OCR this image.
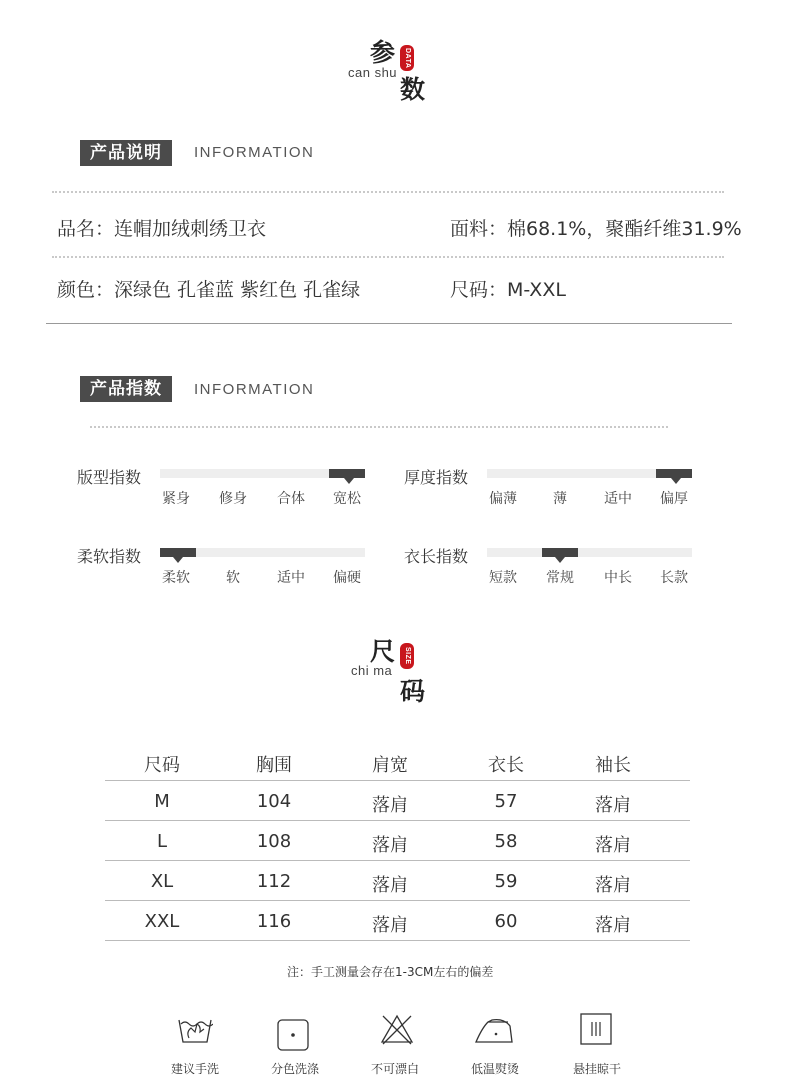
参	DATA
can shu
数
产品说明	INFORMATION
品名：连帽加绒刺绣卫衣	面料：棉68.1%，聚酯纤维31.9%
颜色：深绿色 孔雀蓝 紫红色 孔雀绿	尺码：M-XXL
产品指数	INFORMATION
版型指数
紧身	修身	合体	宽松
厚度指数
偏薄	薄	适中	偏厚
柔软指数
柔软	软	适中	偏硬
衣长指数
短款	常规	中长	长款
尺	SIZE
chi ma
码
尺码	胸围	肩宽	衣长	袖长
M	104	落肩	57	落肩
L	108	落肩	58	落肩
XL	112	落肩	59	落肩
XXL	116	落肩	60	落肩
注：手工测量会存在1-3CM左右的偏差
建议手洗	分色洗涤	不可漂白	低温熨烫	悬挂晾干
